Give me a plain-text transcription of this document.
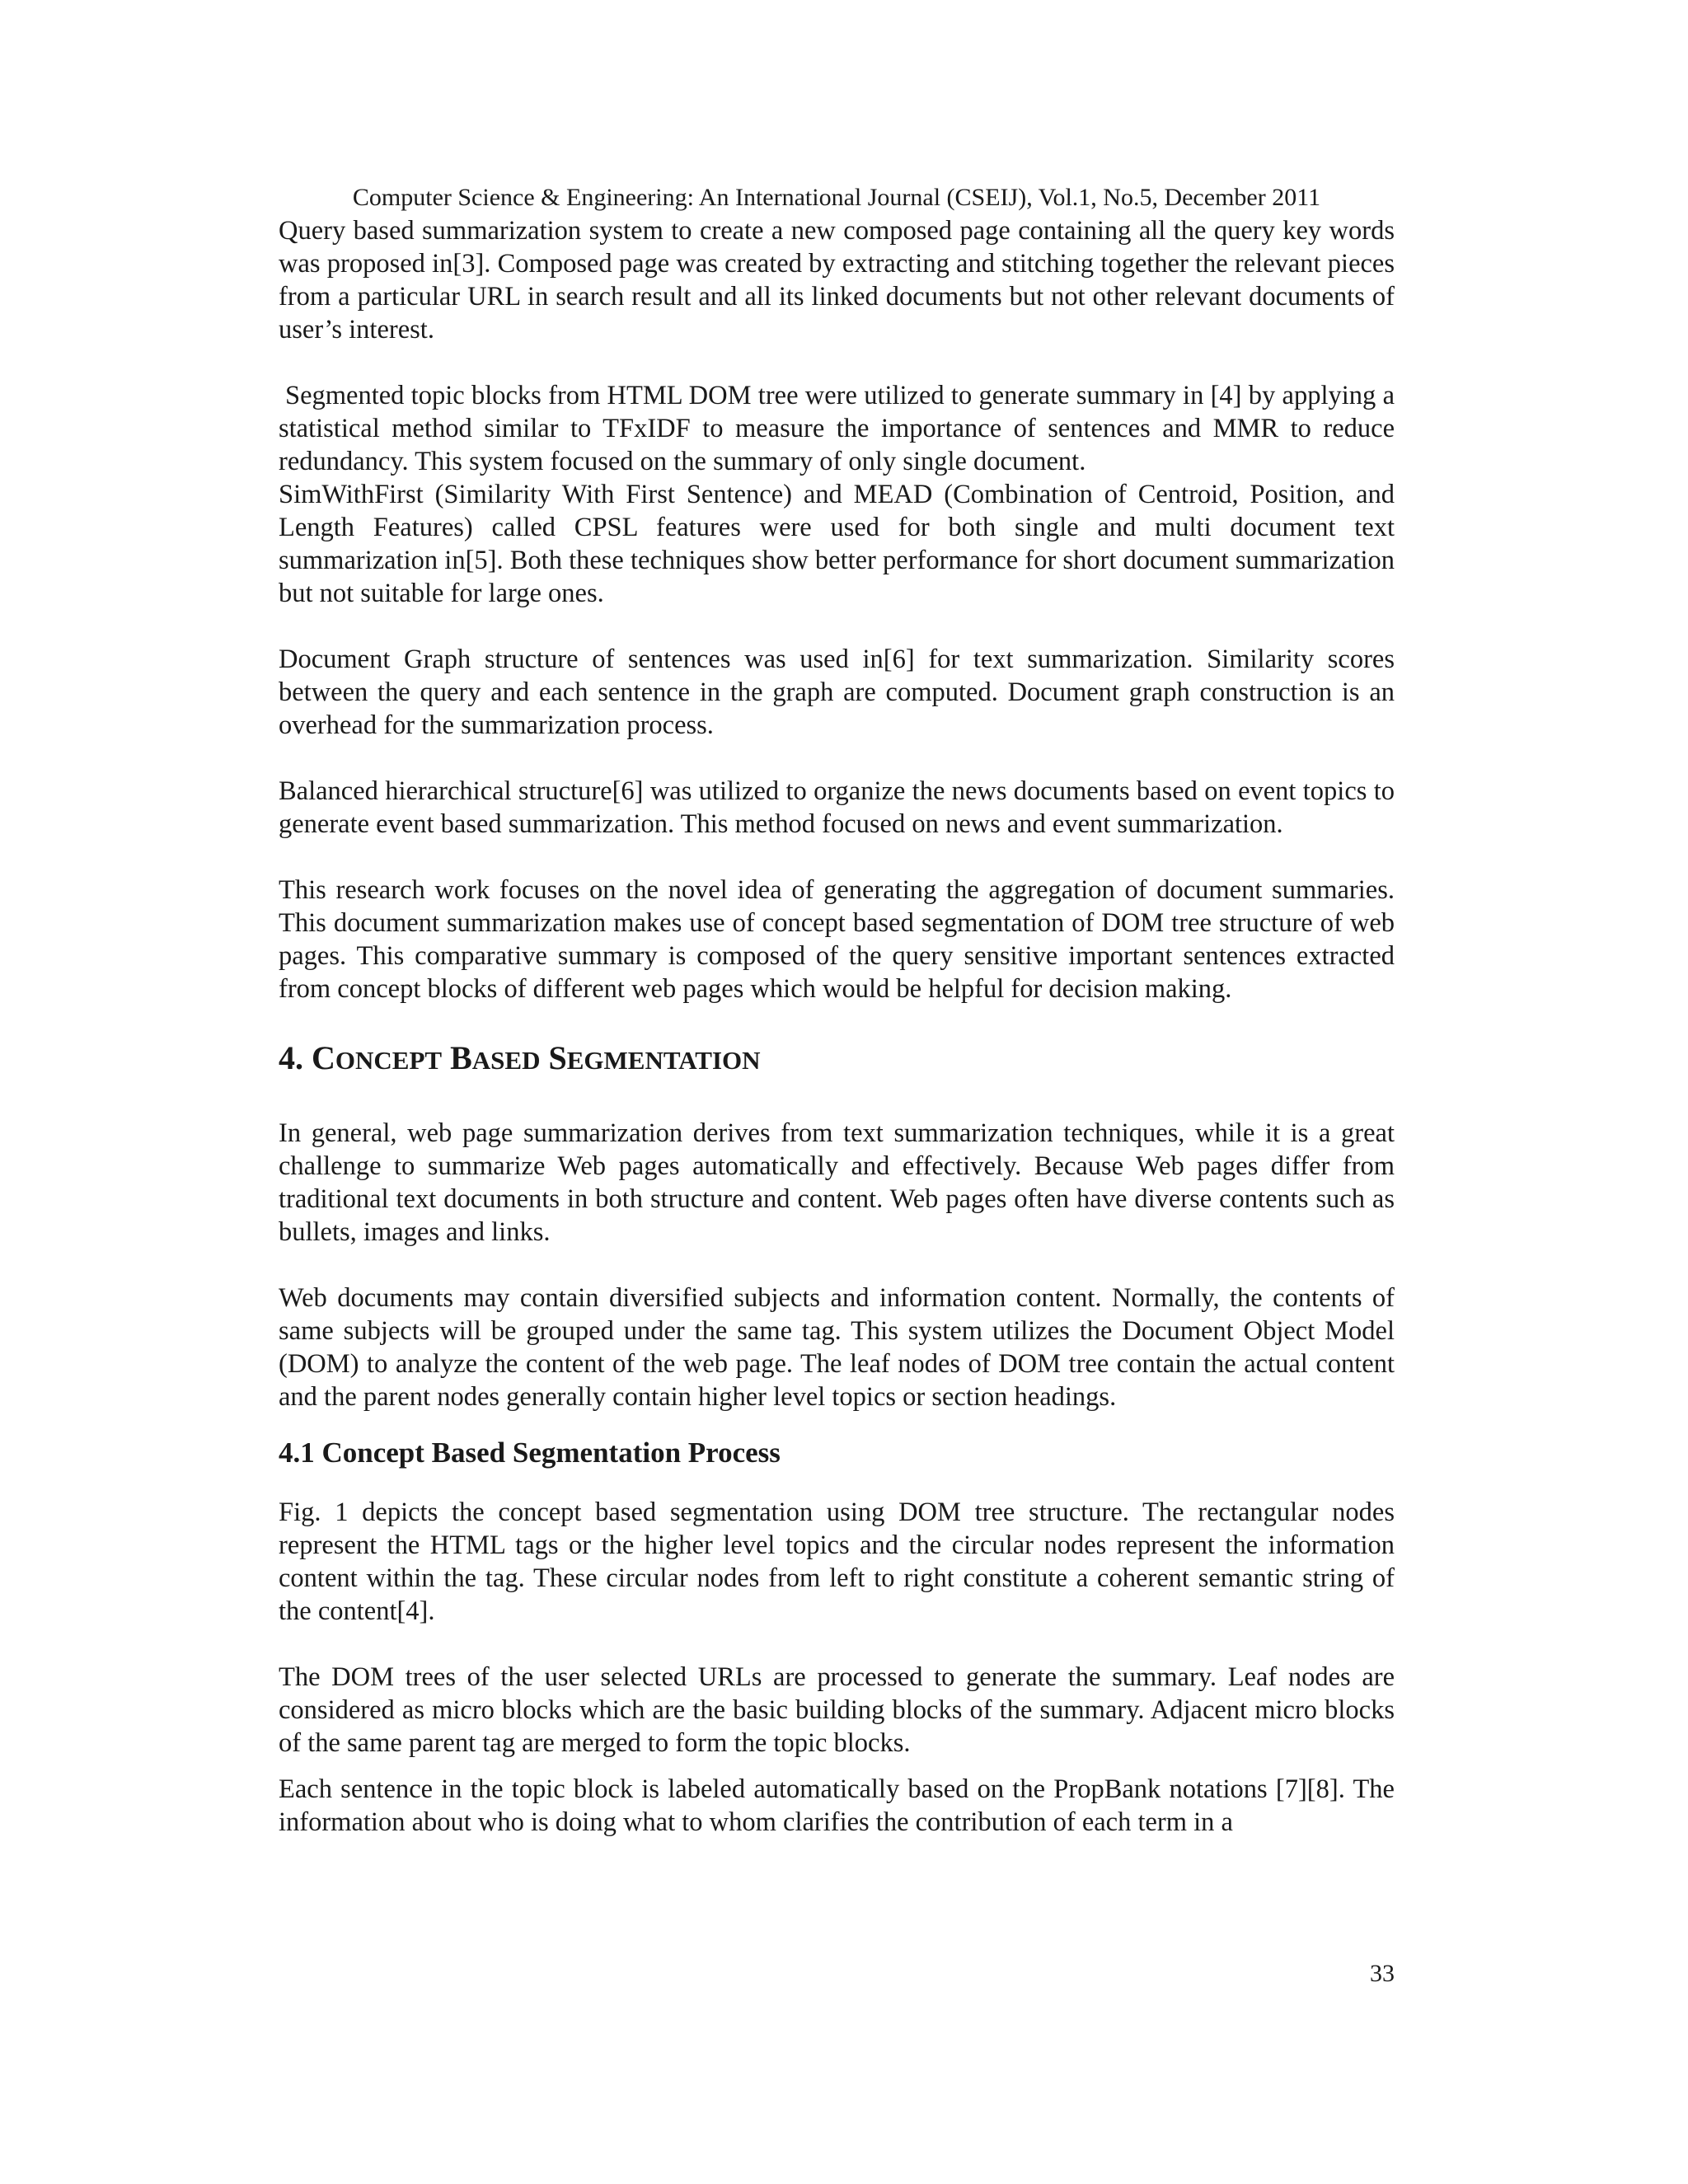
Computer Science & Engineering: An International Journal (CSEIJ), Vol.1, No.5, December 2011

Query based summarization system to create a new composed page containing all the query key words was proposed in[3]. Composed page was created by extracting and stitching together the relevant pieces from a particular URL in search result and all its linked documents but not other relevant documents of user’s interest.

Segmented topic blocks from HTML DOM tree were utilized to generate summary in [4] by applying a statistical method similar to TFxIDF to measure the importance of sentences and MMR to reduce redundancy. This system focused on the summary of only single document.

SimWithFirst (Similarity With First Sentence) and MEAD (Combination of Centroid, Position, and Length Features) called CPSL features were used for both single and multi document text summarization in[5]. Both these techniques show better performance for short document summarization but not suitable for large ones.

Document Graph structure of sentences was used in[6] for text summarization. Similarity scores between the query and each sentence in the graph are computed. Document graph construction is an overhead for the summarization process.

Balanced hierarchical structure[6] was utilized to organize the news documents based on event topics to generate event based summarization. This method focused on news and event summarization.

This research work focuses on the novel idea of generating the aggregation of document summaries. This document summarization makes use of concept based segmentation of DOM tree structure of web pages. This comparative summary is composed of the query sensitive important sentences extracted from concept blocks of different web pages which would be helpful for decision making.

4. CONCEPT BASED SEGMENTATION

In general, web page summarization derives from text summarization techniques, while it is a great challenge to summarize Web pages automatically and effectively. Because Web pages differ from traditional text documents in both structure and content. Web pages often have diverse contents such as bullets, images and links.

Web documents may contain diversified subjects and information content. Normally, the contents of same subjects will be grouped under the same tag. This system utilizes the Document Object Model (DOM) to analyze the content of the web page. The leaf nodes of DOM tree contain the actual content and the parent nodes generally contain higher level topics or section headings.

4.1 Concept Based Segmentation Process

Fig. 1 depicts the concept based segmentation using DOM tree structure. The rectangular nodes represent the HTML tags or the higher level topics and the circular nodes represent the information content within the tag. These circular nodes from left to right constitute a coherent semantic string of the content[4].

The DOM trees of the user selected URLs are processed to generate the summary. Leaf nodes are considered as micro blocks which are the basic building blocks of the summary. Adjacent micro blocks of the same parent tag are merged to form the topic blocks.

Each sentence in the topic block is labeled automatically based on the PropBank notations [7][8]. The information about who is doing what to whom clarifies the contribution of each term in a

33
